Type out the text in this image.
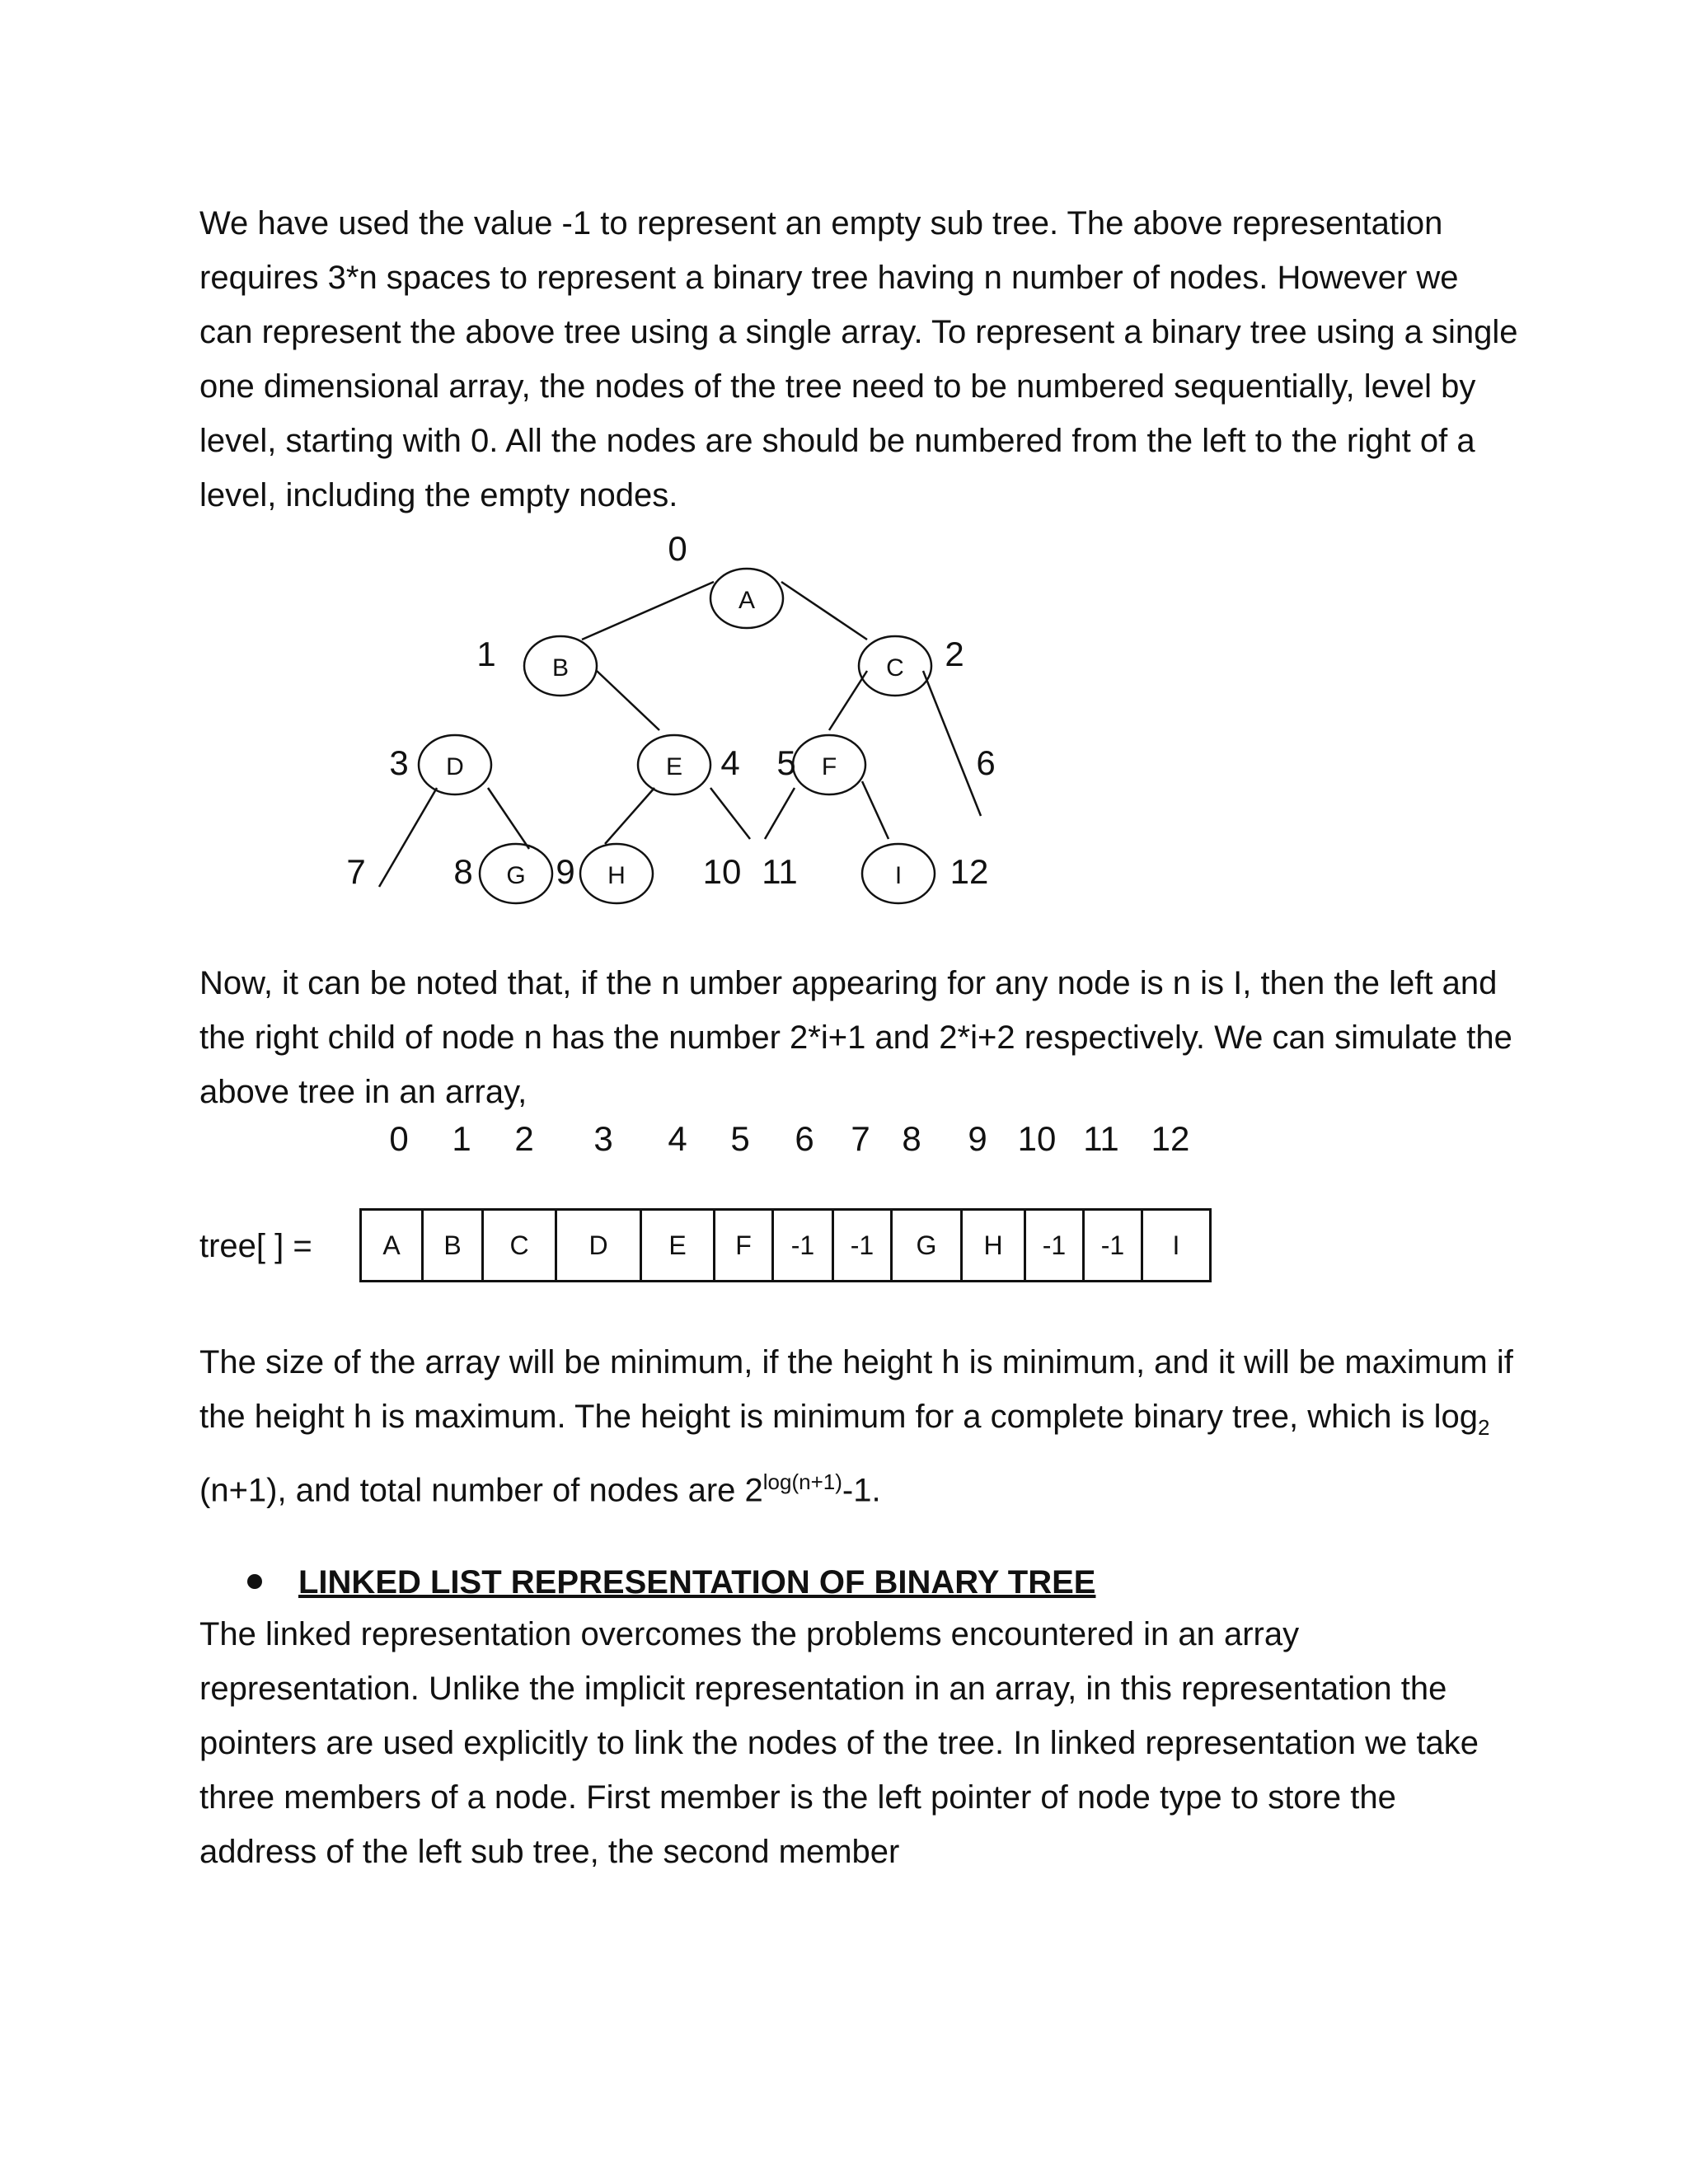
We have used the value -1 to represent an empty sub tree. The above representation requires 3*n spaces to represent a binary tree having n number of nodes. However we can represent the above tree using a single array. To represent a binary tree using a single one dimensional array, the nodes of the tree need to be numbered sequentially, level by level, starting with 0. All the nodes are should be numbered from the left to the right of a level, including the empty nodes.

A
B	C
D	E	F
G	H	I
0
1	2
3	4 5	6
7	8 9	10 11	12

Now, it can be noted that, if the n umber appearing for any node is n is I, then the left and the right child of node n has the number 2*i+1 and 2*i+2 respectively. We can simulate the above tree in an array,

0 1 2 3 4 5 6 7 8 9 10 11 12
tree[ ] =	A	B	C	D	E	F	-1	-1	G	H	-1	-1	I

The size of the array will be minimum, if the height h is minimum, and it will be maximum if the height h is maximum. The height is minimum for a complete binary tree, which is $\log_2 (n+1)$, and total number of nodes are $2^{log(n+1)}-1$.

LINKED LIST REPRESENTATION OF BINARY TREE

The linked representation overcomes the problems encountered in an array representation. Unlike the implicit representation in an array, in this representation the pointers are used explicitly to link the nodes of the tree. In linked representation we take three members of a node. First member is the left pointer of node type to store the address of the left sub tree, the second member
